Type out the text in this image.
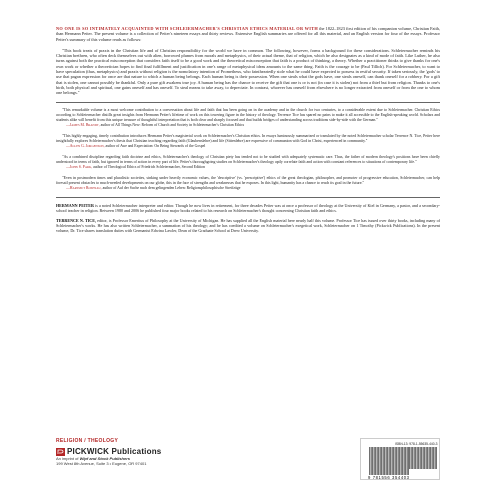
NO ONE IS SO INTIMATELY ACQUAINTED WITH SCHLEIERMACHER'S CHRISTIAN ETHICS MATERIAL OR WITH the 1822–1823 first edition of his companion volume, Christian Faith, than Hermann Peiter. The present volume is a collection of Peiter's nineteen essays and thirty reviews. Extensive English summaries are offered for all this material, and an English version for four of the essays. Professor Peiter's summary of this volume reads as follows:

"This book treats of praxis in the Christian life and of Christian responsibility for the world we have in common. The following, however, forms a background for these considerations. Schleiermacher reminds his Christian brethren, who often deck themselves out with alien, borrowed plumes from morals and metaphysics, of their actual theme, that of religion, which he also designates as a kind of mode of faith. Like Luther, he also turns against both the practical misconception that considers faith itself to be a good work and the theoretical misconception that faith is a product of thinking, a theory. Whether a practitioner thinks to give thanks for one's own work or whether a theoretician hopes to find final fulfillment and justification in one's range of metaphysical ideas amounts to the same thing. Faith is the courage to be (Paul Tillich). For Schleiermacher, to want to have speculation (thus, metaphysics) and praxis without religion is the nomolatory intention of Prometheus, who faintheartedly stole what he could have expected to possess in restful security. If taken seriously, the 'gods' to use that pagan expression for once are that nature to which a human being belongs. Each human being is their possession. When one steals what the gods have, one steals oneself, can thank oneself for a robbery. For a gift that is stolen, one cannot possibly be thankful. Only a pure gift awakens true joy. A human being has the chance to receive the gift that one is or is not (in case it is stolen) not from a thief but from religion. Thanks to one's birth, both physical and spiritual, one gains oneself and has oneself. To steal means to take away, to depreciate. In contrast, whoever has oneself from elsewhere is no longer extracted from oneself or from the one to whom one belongs."

"This remarkable volume is a most welcome contribution to a conversation about life and faith that has been going on in the academy and in the church for two centuries, to a considerable extent due to Schleiermacher. Christian Ethics according to Schleiermacher distills great insights from Hermann Peiter's lifetime of work on this towering figure in the history of theology. Terrence Tice has spared no pains to make it all accessible to the English-speaking world. Scholars and students alike will benefit from this unique treasure of thoughtful interpretation that is both clear and sharply focused and that builds bridges of understanding across traditions side-by-side with the German."

—James M. Brandt, author of All Things New: Reform of Church and Society in Schleiermacher's Christian Ethics

"This highly engaging, timely contribution introduces Hermann Peiter's magisterial work on Schleiermacher's Christian ethics. In essays luminously summarized or translated by the noted Schleiermacher scholar Terrence N. Tice, Peiter here insightfully explores Schleiermacher's thesis that Christian teaching regarding faith (Glaubenslehre) and life (Sittenlehre) are expressive of communion with God in Christ, experienced in community."

—Allen G. Jorgenson, author of Awe and Expectation: On Being Stewards of the Gospel

"As a combined discipline regarding faith doctrine and ethics, Schleiermacher's theology of Christian piety has tended not to be studied with adequately systematic care. Thus, the father of modern theology's positions have been chiefly understood in terms of faith, but ignored in terms of action in every part of life. Peiter's thoroughgoing studies on Schleiermacher's theology aptly correlate faith and action with constant references to situations of contemporary life."

—John S. Park, author of Theological Ethics of Friedrich Schleiermacher, Second Edition

"Even in postmodern times and pluralistic societies, sinking under heavily economic values, the 'descriptive' (vs. 'prescriptive') ethics of the great theologian, philosopher, and promoter of progressive education, Schleiermacher, can help foresail present obstacles to much-needed developments on our globe, this in the face of strengths and weaknesses that he exposes. In this light, humanity has a chance to reach its goal in the future."

—Hartmut Rosenau, author of Auf der Suche nach dem gelingenden Leben: Religionsphilosophische Streifzüge

HERMANN PEITER is a noted Schleiermacher interpreter and editor. Though he now lives in retirement, for three decades Peiter was at once a professor of theology at the University of Kiel in Germany, a pastor, and a secondary-school teacher in religion. Between 1980 and 2006 he published four major books related to his research on Schleiermacher's thought concerning Christian faith and ethics.

TERRENCE N. TICE, editor, is Professor Emeritus of Philosophy at the University of Michigan. He has supplied all the English material here nearly half this volume. Professor Tice has issued over thirty books, including many of Schleiermacher's works. He has also written Schleiermacher, a summation of his theology; and he has coedited a volume on Schleiermacher's exegetical work, Schleiermacher on 1 Timothy (Pickwick Publications). In the present volume, Dr. Tice shares translation duties with Germanist Edwina Lawler, Dean of the Graduate School at Drew University.

RELIGION / THEOLOGY
PICKWICK Publications

An imprint of Wipf and Stock Publishers

199 West 8th Avenue, Suite 3 • Eugene, OR 97401

ISBN-13: 978-1-55635-440-3
9 781556 354403
